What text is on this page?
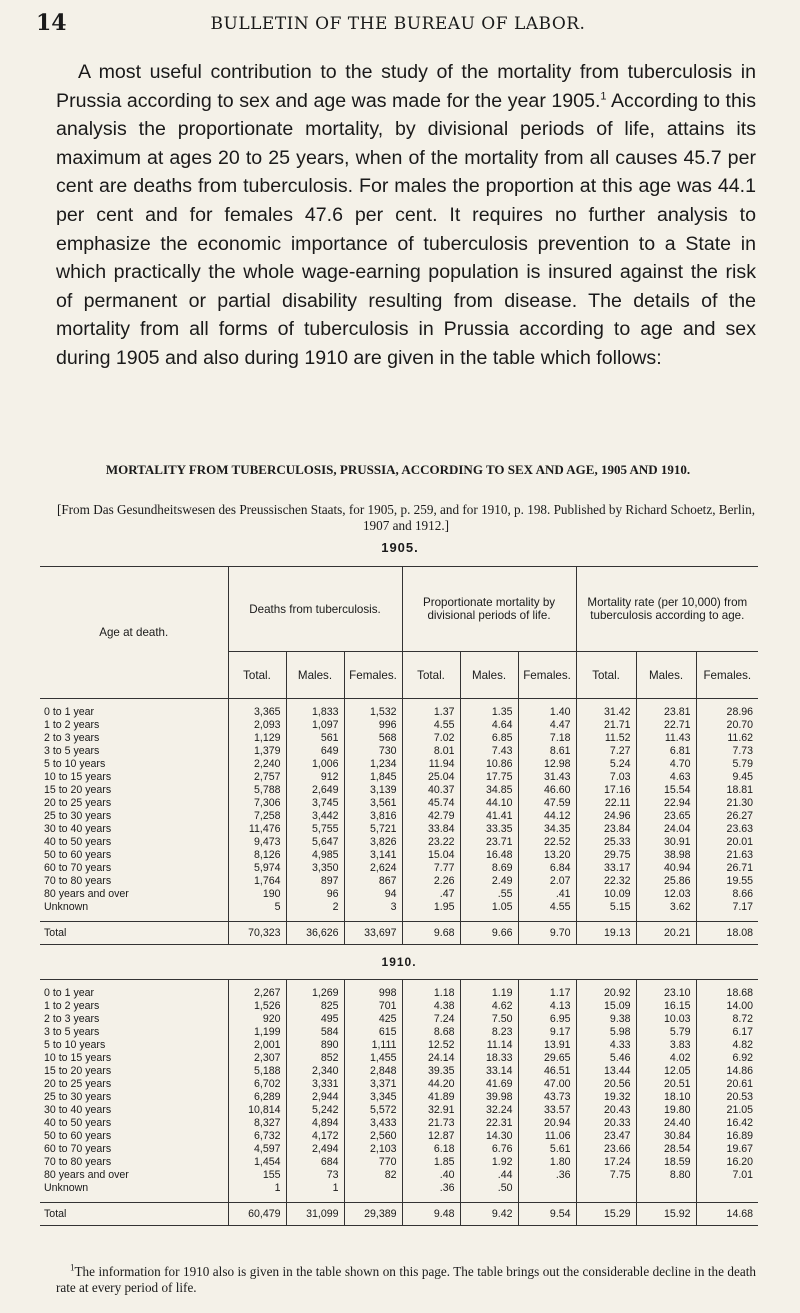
14	BULLETIN OF THE BUREAU OF LABOR.

A most useful contribution to the study of the mortality from tuberculosis in Prussia according to sex and age was made for the year 1905.$^1$ According to this analysis the proportionate mortality, by divisional periods of life, attains its maximum at ages 20 to 25 years, when of the mortality from all causes 45.7 per cent are deaths from tuberculosis. For males the proportion at this age was 44.1 per cent and for females 47.6 per cent. It requires no further analysis to emphasize the economic importance of tuberculosis prevention to a State in which practically the whole wage-earning population is insured against the risk of permanent or partial disability resulting from disease. The details of the mortality from all forms of tuberculosis in Prussia according to age and sex during 1905 and also during 1910 are given in the table which follows:

MORTALITY FROM TUBERCULOSIS, PRUSSIA, ACCORDING TO SEX AND AGE, 1905 AND 1910.
[From Das Gesundheitswesen des Preussischen Staats, for 1905, p. 259, and for 1910, p. 198. Published by Richard Schoetz, Berlin, 1907 and 1912.]
1905.
Age at death.	Deaths from tuberculosis.			Proportionate mortality by divisional periods of life.			Mortality rate (per 10,000) from tuberculosis according to age.		
	Total.	Males.	Females.	Total.	Males.	Females.	Total.	Males.	Females.

0 to 1 year	3,365	1,833	1,532	1.37	1.35	1.40	31.42	23.81	28.96
1 to 2 years	2,093	1,097	996	4.55	4.64	4.47	21.71	22.71	20.70
2 to 3 years	1,129	561	568	7.02	6.85	7.18	11.52	11.43	11.62
3 to 5 years	1,379	649	730	8.01	7.43	8.61	7.27	6.81	7.73
5 to 10 years	2,240	1,006	1,234	11.94	10.86	12.98	5.24	4.70	5.79
10 to 15 years	2,757	912	1,845	25.04	17.75	31.43	7.03	4.63	9.45
15 to 20 years	5,788	2,649	3,139	40.37	34.85	46.60	17.16	15.54	18.81
20 to 25 years	7,306	3,745	3,561	45.74	44.10	47.59	22.11	22.94	21.30
25 to 30 years	7,258	3,442	3,816	42.79	41.41	44.12	24.96	23.65	26.27
30 to 40 years	11,476	5,755	5,721	33.84	33.35	34.35	23.84	24.04	23.63
40 to 50 years	9,473	5,647	3,826	23.22	23.71	22.52	25.33	30.91	20.01
50 to 60 years	8,126	4,985	3,141	15.04	16.48	13.20	29.75	38.98	21.63
60 to 70 years	5,974	3,350	2,624	7.77	8.69	6.84	33.17	40.94	26.71
70 to 80 years	1,764	897	867	2.26	2.49	2.07	22.32	25.86	19.55
80 years and over	190	96	94	.47	.55	.41	10.09	12.03	8.66
Unknown	5	2	3	1.95	1.05	4.55	5.15	3.62	7.17

Total	70,323	36,626	33,697	9.68	9.66	9.70	19.13	20.21	18.08
1910.									

0 to 1 year	2,267	1,269	998	1.18	1.19	1.17	20.92	23.10	18.68
1 to 2 years	1,526	825	701	4.38	4.62	4.13	15.09	16.15	14.00
2 to 3 years	920	495	425	7.24	7.50	6.95	9.38	10.03	8.72
3 to 5 years	1,199	584	615	8.68	8.23	9.17	5.98	5.79	6.17
5 to 10 years	2,001	890	1,111	12.52	11.14	13.91	4.33	3.83	4.82
10 to 15 years	2,307	852	1,455	24.14	18.33	29.65	5.46	4.02	6.92
15 to 20 years	5,188	2,340	2,848	39.35	33.14	46.51	13.44	12.05	14.86
20 to 25 years	6,702	3,331	3,371	44.20	41.69	47.00	20.56	20.51	20.61
25 to 30 years	6,289	2,944	3,345	41.89	39.98	43.73	19.32	18.10	20.53
30 to 40 years	10,814	5,242	5,572	32.91	32.24	33.57	20.43	19.80	21.05
40 to 50 years	8,327	4,894	3,433	21.73	22.31	20.94	20.33	24.40	16.42
50 to 60 years	6,732	4,172	2,560	12.87	14.30	11.06	23.47	30.84	16.89
60 to 70 years	4,597	2,494	2,103	6.18	6.76	5.61	23.66	28.54	19.67
70 to 80 years	1,454	684	770	1.85	1.92	1.80	17.24	18.59	16.20
80 years and over	155	73	82	.40	.44	.36	7.75	8.80	7.01
Unknown	1	1		.36	.50				

Total	60,479	31,099	29,389	9.48	9.42	9.54	15.29	15.92	14.68

$^1$The information for 1910 also is given in the table shown on this page. The table brings out the considerable decline in the death rate at every period of life.
